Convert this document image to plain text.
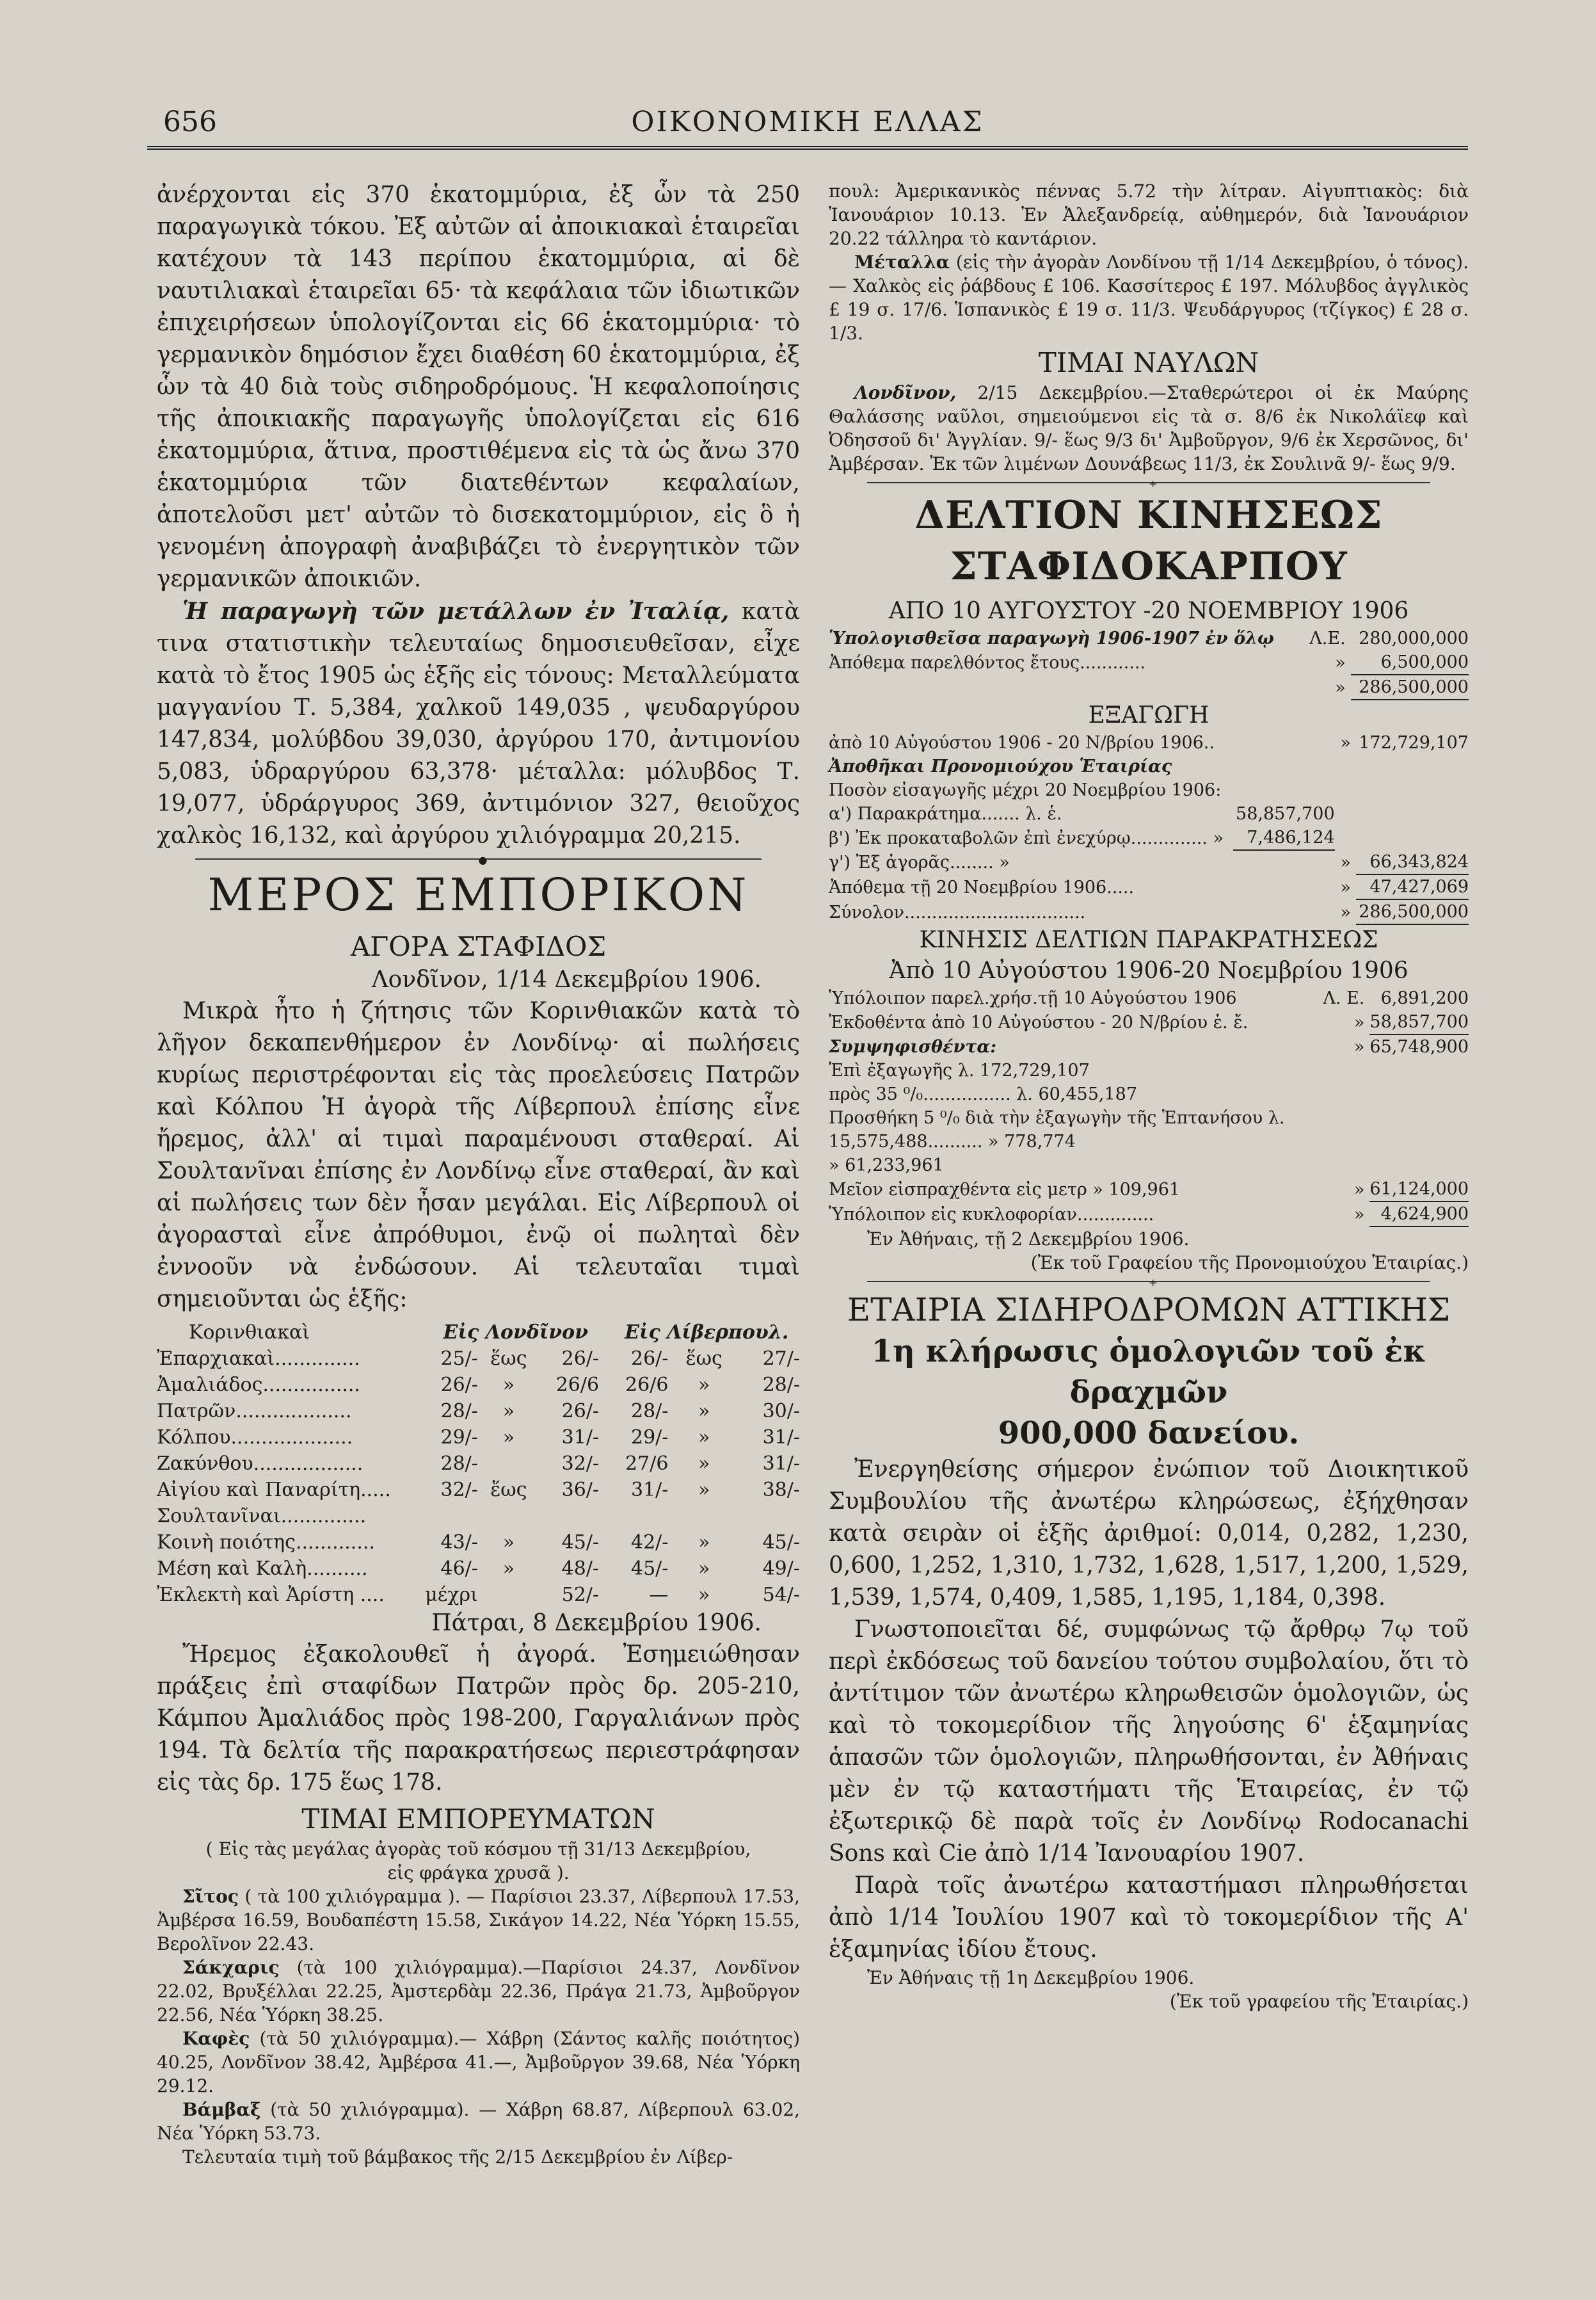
656	ΟΙΚΟΝΟΜΙΚΗ ΕΛΛΑΣ

ἀνέρχονται εἰς 370 ἑκατομμύρια, ἐξ ὧν τὰ 250 παραγωγικὰ τόκου. Ἐξ αὐτῶν αἱ ἀποικιακαὶ ἑταιρεῖαι κατέχουν τὰ 143 περίπου ἑκατομμύρια, αἱ δὲ ναυτιλιακαὶ ἑταιρεῖαι 65· τὰ κεφάλαια τῶν ἰδιωτικῶν ἐπιχειρήσεων ὑπολογίζονται εἰς 66 ἑκατομμύρια· τὸ γερμανικὸν δημόσιον ἔχει διαθέση 60 ἑκατομμύρια, ἐξ ὧν τὰ 40 διὰ τοὺς σιδηροδρόμους. Ἡ κεφαλοποίησις τῆς ἀποικιακῆς παραγωγῆς ὑπολογίζεται εἰς 616 ἑκατομμύρια, ἅτινα, προστιθέμενα εἰς τὰ ὡς ἄνω 370 ἑκατομμύρια τῶν διατεθέντων κεφαλαίων, ἀποτελοῦσι μετ' αὐτῶν τὸ δισεκατομμύριον, εἰς ὃ ἡ γενομένη ἀπογραφὴ ἀναβιβάζει τὸ ἐνεργητικὸν τῶν γερμανικῶν ἀποικιῶν.

Ἡ παραγωγὴ τῶν μετάλλων ἐν Ἰταλίᾳ, κατὰ τινα στατιστικὴν τελευταίως δημοσιευθεῖσαν, εἶχε κατὰ τὸ ἔτος 1905 ὡς ἑξῆς εἰς τόνους: Μεταλλεύματα μαγγανίου Τ. 5,384, χαλκοῦ 149,035 , ψευδαργύρου 147,834, μολύβδου 39,030, ἀργύρου 170, ἀντιμονίου 5,083, ὑδραργύρου 63,378· μέταλλα: μόλυβδος Τ. 19,077, ὑδράργυρος 369, ἀντιμόνιον 327, θειοῦχος χαλκὸς 16,132, καὶ ἀργύρου χιλιόγραμμα 20,215.

●
ΜΕΡΟΣ ΕΜΠΟΡΙΚΟΝ
ΑΓΟΡΑ ΣΤΑΦΙΔΟΣ
Λονδῖνον, 1/14 Δεκεμβρίου 1906.

Μικρὰ ἦτο ἡ ζήτησις τῶν Κορινθιακῶν κατὰ τὸ λῆγον δεκαπενθήμερον ἐν Λονδίνῳ· αἱ πωλήσεις κυρίως περιστρέφονται εἰς τὰς προελεύσεις Πατρῶν καὶ Κόλπου Ἡ ἀγορὰ τῆς Λίβερπουλ ἐπίσης εἶνε ἤρεμος, ἀλλ' αἱ τιμαὶ παραμένουσι σταθεραί. Αἱ Σουλτανῖναι ἐπίσης ἐν Λονδίνῳ εἶνε σταθεραί, ἂν καὶ αἱ πωλήσεις των δὲν ἦσαν μεγάλαι. Εἰς Λίβερπουλ οἱ ἀγορασταὶ εἶνε ἀπρόθυμοι, ἐνῷ οἱ πωληταὶ δὲν ἐννοοῦν νὰ ἐνδώσουν. Αἱ τελευταῖαι τιμαὶ σημειοῦνται ὡς ἑξῆς:

Κορινθιακαὶ	Εἰς Λονδῖνον			Εἰς Λίβερπουλ.		
Ἐπαρχιακαὶ..............	25/-	ἕως	26/-	26/-	ἕως	27/-
Ἀμαλιάδος................	26/-	»	26/6	26/6	»	28/-
Πατρῶν...................	28/-	»	26/-	28/-	»	30/-
Κόλπου....................	29/-	»	31/-	29/-	»	31/-
Ζακύνθου..................	28/-		32/-	27/6	»	31/-
Αἰγίου καὶ Παναρίτη.....	32/-	ἕως	36/-	31/-	»	38/-
Σουλτανῖναι..............						
Κοινὴ ποιότης.............	43/-	»	45/-	42/-	»	45/-
Μέση καὶ Καλὴ..........	46/-	»	48/-	45/-	»	49/-
Ἐκλεκτὴ καὶ Ἀρίστη ....	μέχρι		52/-	—	»	54/-
Πάτραι, 8 Δεκεμβρίου 1906.

Ἤρεμος ἐξακολουθεῖ ἡ ἀγορά. Ἐσημειώθησαν πράξεις ἐπὶ σταφίδων Πατρῶν πρὸς δρ. 205-210, Κάμπου Ἀμαλιάδος πρὸς 198-200, Γαργαλιάνων πρὸς 194. Τὰ δελτία τῆς παρακρατήσεως περιεστράφησαν εἰς τὰς δρ. 175 ἕως 178.

ΤΙΜΑΙ ΕΜΠΟΡΕΥΜΑΤΩΝ
( Εἰς τὰς μεγάλας ἀγορὰς τοῦ κόσμου τῇ 31/13 Δεκεμβρίου,
εἰς φράγκα χρυσᾶ ).

Σῖτος ( τὰ 100 χιλιόγραμμα ). — Παρίσιοι 23.37, Λίβερπουλ 17.53, Ἀμβέρσα 16.59, Βουδαπέστη 15.58, Σικάγον 14.22, Νέα Ὑόρκη 15.55, Βερολῖνον 22.43.

Σάκχαρις (τὰ 100 χιλιόγραμμα).—Παρίσιοι 24.37, Λονδῖνον 22.02, Βρυξέλλαι 22.25, Ἀμστερδὰμ 22.36, Πράγα 21.73, Ἀμβοῦργον 22.56, Νέα Ὑόρκη 38.25.

Καφὲς (τὰ 50 χιλιόγραμμα).— Χάβρη (Σάντος καλῆς ποιότητος) 40.25, Λονδῖνον 38.42, Ἀμβέρσα 41.—, Ἀμβοῦργον 39.68, Νέα Ὑόρκη 29.12.

Βάμβαξ (τὰ 50 χιλιόγραμμα). — Χάβρη 68.87, Λίβερπουλ 63.02, Νέα Ὑόρκη 53.73.

Τελευταία τιμὴ τοῦ βάμβακος τῆς 2/15 Δεκεμβρίου ἐν Λίβερ-

πουλ: Ἀμερικανικὸς πέννας 5.72 τὴν λίτραν. Αἰγυπτιακὸς: διὰ Ἰανουάριον 10.13. Ἐν Ἀλεξανδρείᾳ, αὐθημερόν, διὰ Ἰανουάριον 20.22 τάλληρα τὸ καντάριον.

Μέταλλα (εἰς τὴν ἀγορὰν Λονδίνου τῇ 1/14 Δεκεμβρίου, ὁ τόνος).— Χαλκὸς εἰς ῥάβδους £ 106. Κασσίτερος £ 197. Μόλυβδος ἀγγλικὸς £ 19 σ. 17/6. Ἱσπανικὸς £ 19 σ. 11/3. Ψευδάργυρος (τζίγκος) £ 28 σ. 1/3.

ΤΙΜΑΙ ΝΑΥΛΩΝ

Λονδῖνον, 2/15 Δεκεμβρίου.—Σταθερώτεροι οἱ ἐκ Μαύρης Θαλάσσης ναῦλοι, σημειούμενοι εἰς τὰ σ. 8/6 ἐκ Νικολάϊεφ καὶ Ὀδησσοῦ δι' Ἀγγλίαν. 9/- ἕως 9/3 δι' Ἀμβοῦργον, 9/6 ἐκ Χερσῶνος, δι' Ἀμβέρσαν. Ἐκ τῶν λιμένων Δουνάβεως 11/3, ἐκ Σουλινᾶ 9/- ἕως 9/9.

+
ΔΕΛΤΙΟΝ ΚΙΝΗΣΕΩΣ ΣΤΑΦΙΔΟΚΑΡΠΟΥ
ΑΠΟ 10 ΑΥΓΟΥΣΤΟΥ -20 ΝΟΕΜΒΡΙΟΥ 1906
Ὑπολογισθεῖσα παραγωγὴ 1906-1907 ἐν ὅλῳ	Λ.Ε.	280,000,000
Ἀπόθεμα παρελθόντος ἔτους............	»	6,500,000
	»	286,500,000
ΕΞΑΓΩΓΗ
ἀπὸ 10 Αὐγούστου 1906 - 20 Ν/βρίου 1906..		»	172,729,107
Ἀποθῆκαι Προνομιούχου Ἑταιρίας			
Ποσὸν εἰσαγωγῆς μέχρι 20 Νοεμβρίου 1906:			
α') Παρακράτημα....... λ. ἑ.	58,857,700		
β') Ἐκ προκαταβολῶν ἐπὶ ἐνεχύρῳ.............. »	7,486,124		
γ') Ἐξ ἀγορᾶς........ »		»	66,343,824
Ἀπόθεμα τῇ 20 Νοεμβρίου 1906.....		»	47,427,069
Σύνολον.................................		»	286,500,000
ΚΙΝΗΣΙΣ ΔΕΛΤΙΩΝ ΠΑΡΑΚΡΑΤΗΣΕΩΣ
Ἀπὸ 10 Αὐγούστου 1906-20 Νοεμβρίου 1906
Ὑπόλοιπον παρελ.χρήσ.τῇ 10 Αὐγούστου 1906	Λ. Ε.	6,891,200
Ἐκδοθέντα ἀπὸ 10 Αὐγούστου - 20 Ν/βρίου ἑ. ἔ.	»	58,857,700
Συμψηφισθέντα:	»	65,748,900
Ἐπὶ ἐξαγωγῆς λ. 172,729,107		
πρὸς 35 ⁰/₀................ λ. 60,455,187		
Προσθήκη 5 ⁰/₀ διὰ τὴν ἐξαγωγὴν τῆς Ἑπτανήσου λ. 15,575,488.......... » 778,774		
» 61,233,961		
Μεῖον εἰσπραχθέντα εἰς μετρ » 109,961	»	61,124,000
Ὑπόλοιπον εἰς κυκλοφορίαν..............	»	4,624,900
Ἐν Ἀθήναις, τῇ 2 Δεκεμβρίου 1906.
(Ἐκ τοῦ Γραφείου τῆς Προνομιούχου Ἑταιρίας.)
+
ΕΤΑΙΡΙΑ ΣΙΔΗΡΟΔΡΟΜΩΝ ΑΤΤΙΚΗΣ
1η κλήρωσις ὁμολογιῶν τοῦ ἐκ δραχμῶν
900,000 δανείου.

Ἐνεργηθείσης σήμερον ἐνώπιον τοῦ Διοικητικοῦ Συμβουλίου τῆς ἀνωτέρω κληρώσεως, ἐξήχθησαν κατὰ σειρὰν οἱ ἑξῆς ἀριθμοί: 0,014, 0,282, 1,230, 0,600, 1,252, 1,310, 1,732, 1,628, 1,517, 1,200, 1,529, 1,539, 1,574, 0,409, 1,585, 1,195, 1,184, 0,398.

Γνωστοποιεῖται δέ, συμφώνως τῷ ἄρθρῳ 7ῳ τοῦ περὶ ἐκδόσεως τοῦ δανείου τούτου συμβολαίου, ὅτι τὸ ἀντίτιμον τῶν ἀνωτέρω κληρωθεισῶν ὁμολογιῶν, ὡς καὶ τὸ τοκομερίδιον τῆς ληγούσης 6' ἑξαμηνίας ἁπασῶν τῶν ὁμολογιῶν, πληρωθήσονται, ἐν Ἀθήναις μὲν ἐν τῷ καταστήματι τῆς Ἑταιρείας, ἐν τῷ ἐξωτερικῷ δὲ παρὰ τοῖς ἐν Λονδίνῳ Rodocanachi Sons καὶ Cie ἀπὸ 1/14 Ἰανουαρίου 1907.

Παρὰ τοῖς ἀνωτέρω καταστήμασι πληρωθήσεται ἀπὸ 1/14 Ἰουλίου 1907 καὶ τὸ τοκομερίδιον τῆς Α' ἑξαμηνίας ἰδίου ἔτους.

Ἐν Ἀθήναις τῇ 1η Δεκεμβρίου 1906.
(Ἐκ τοῦ γραφείου τῆς Ἑταιρίας.)
